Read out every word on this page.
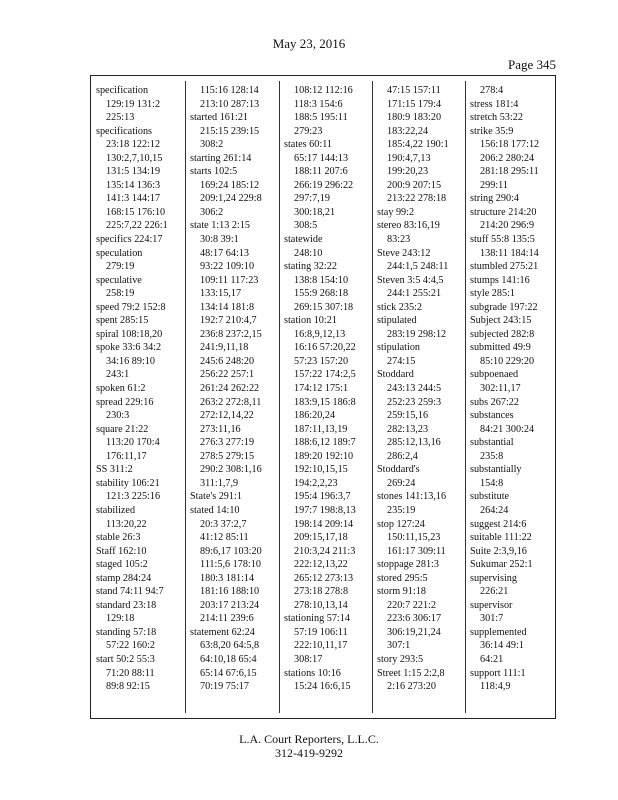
May 23, 2016
Page 345
specification
129:19 131:2
225:13
specifications
23:18 122:12
130:2,7,10,15
131:5 134:19
135:14 136:3
141:3 144:17
168:15 176:10
225:7,22 226:1
specifics 224:17
speculation
279:19
speculative
258:19
speed 79:2 152:8
spent 285:15
spiral 108:18,20
spoke 33:6 34:2
34:16 89:10
243:1
spoken 61:2
spread 229:16
230:3
square 21:22
113:20 170:4
176:11,17
SS 311:2
stability 106:21
121:3 225:16
stabilized
113:20,22
stable 26:3
Staff 162:10
staged 105:2
stamp 284:24
stand 74:11 94:7
standard 23:18
129:18
standing 57:18
57:22 160:2
start 50:2 55:3
71:20 88:11
89:8 92:15
115:16 128:14
213:10 287:13
started 161:21
215:15 239:15
308:2
starting 261:14
starts 102:5
169:24 185:12
209:1,24 229:8
306:2
state 1:13 2:15
30:8 39:1
48:17 64:13
93:22 109:10
109:11 117:23
133:15,17
134:14 181:8
192:7 210:4,7
236:8 237:2,15
241:9,11,18
245:6 248:20
256:22 257:1
261:24 262:22
263:2 272:8,11
272:12,14,22
273:11,16
276:3 277:19
278:5 279:15
290:2 308:1,16
311:1,7,9
State's 291:1
stated 14:10
20:3 37:2,7
41:12 85:11
89:6,17 103:20
111:5,6 178:10
180:3 181:14
181:16 188:10
203:17 213:24
214:11 239:6
statement 62:24
63:8,20 64:5,8
64:10,18 65:4
65:14 67:6,15
70:19 75:17
108:12 112:16
118:3 154:6
188:5 195:11
279:23
states 60:11
65:17 144:13
188:11 207:6
266:19 296:22
297:7,19
300:18,21
308:5
statewide
248:10
stating 32:22
138:8 154:10
155:9 268:18
269:15 307:18
station 10:21
16:8,9,12,13
16:16 57:20,22
57:23 157:20
157:22 174:2,5
174:12 175:1
183:9,15 186:8
186:20,24
187:11,13,19
188:6,12 189:7
189:20 192:10
192:10,15,15
194:2,2,23
195:4 196:3,7
197:7 198:8,13
198:14 209:14
209:15,17,18
210:3,24 211:3
222:12,13,22
265:12 273:13
273:18 278:8
278:10,13,14
stationing 57:14
57:19 106:11
222:10,11,17
308:17
stations 10:16
15:24 16:6,15
47:15 157:11
171:15 179:4
180:9 183:20
183:22,24
185:4,22 190:1
190:4,7,13
199:20,23
200:9 207:15
213:22 278:18
stay 99:2
stereo 83:16,19
83:23
Steve 243:12
244:1,5 248:11
Steven 3:5 4:4,5
244:1 255:21
stick 235:2
stipulated
283:19 298:12
stipulation
274:15
Stoddard
243:13 244:5
252:23 259:3
259:15,16
282:13,23
285:12,13,16
286:2,4
Stoddard's
269:24
stones 141:13,16
235:19
stop 127:24
150:11,15,23
161:17 309:11
stoppage 281:3
stored 295:5
storm 91:18
220:7 221:2
223:6 306:17
306:19,21,24
307:1
story 293:5
Street 1:15 2:2,8
2:16 273:20
278:4
stress 181:4
stretch 53:22
strike 35:9
156:18 177:12
206:2 280:24
281:18 295:11
299:11
string 290:4
structure 214:20
214:20 296:9
stuff 55:8 135:5
138:11 184:14
stumbled 275:21
stumps 141:16
style 285:1
subgrade 197:22
Subject 243:15
subjected 282:8
submitted 49:9
85:10 229:20
subpoenaed
302:11,17
subs 267:22
substances
84:21 300:24
substantial
235:8
substantially
154:8
substitute
264:24
suggest 214:6
suitable 111:22
Suite 2:3,9,16
Sukumar 252:1
supervising
226:21
supervisor
301:7
supplemented
36:14 49:1
64:21
support 111:1
118:4,9
L.A. Court Reporters, L.L.C.
312-419-9292
